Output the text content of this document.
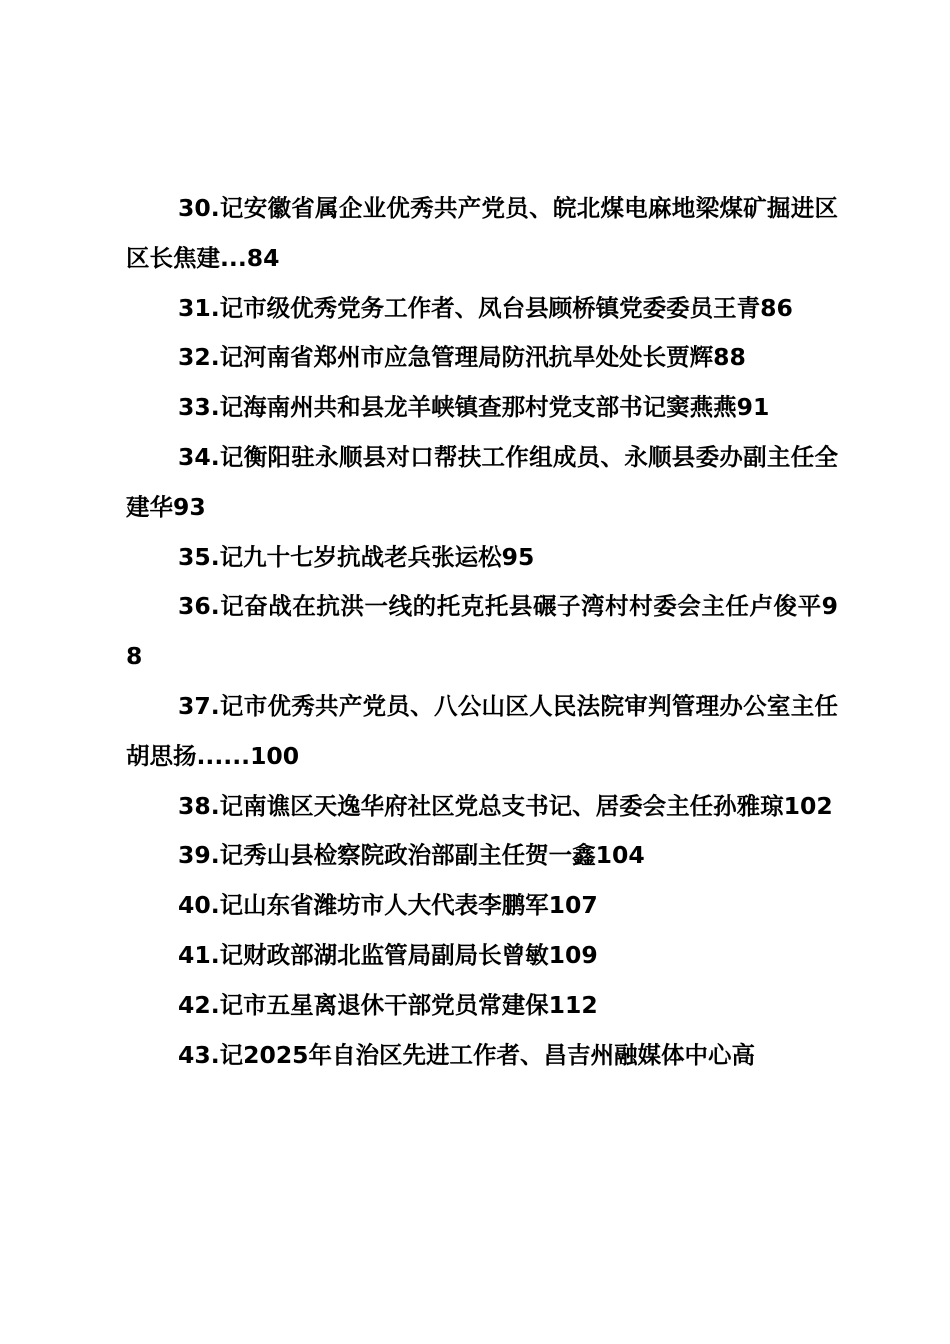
30.记安徽省属企业优秀共产党员、皖北煤电麻地梁煤矿掘进区区长焦建...84

31.记市级优秀党务工作者、凤台县顾桥镇党委委员王青86

32.记河南省郑州市应急管理局防汛抗旱处处长贾辉88

33.记海南州共和县龙羊峡镇查那村党支部书记窦燕燕91

34.记衡阳驻永顺县对口帮扶工作组成员、永顺县委办副主任全建华93

35.记九十七岁抗战老兵张运松95

36.记奋战在抗洪一线的托克托县碾子湾村村委会主任卢俊平98

37.记市优秀共产党员、八公山区人民法院审判管理办公室主任胡思扬......100

38.记南谯区天逸华府社区党总支书记、居委会主任孙雅琼102

39.记秀山县检察院政治部副主任贺一鑫104

40.记山东省潍坊市人大代表李鹏军107

41.记财政部湖北监管局副局长曾敏109

42.记市五星离退休干部党员常建保112

43.记2025年自治区先进工作者、昌吉州融媒体中心高
